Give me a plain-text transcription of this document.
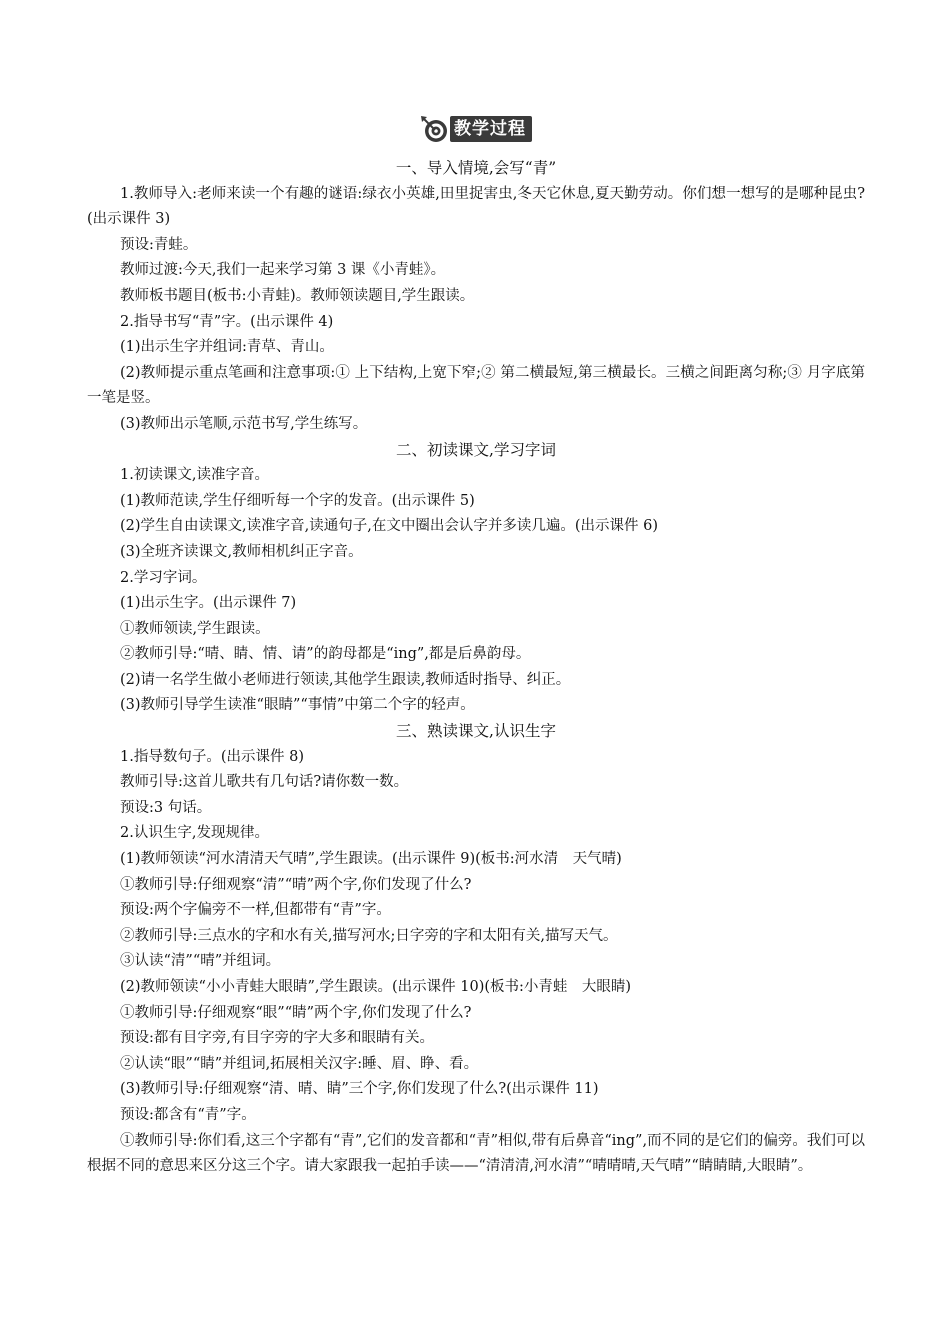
教学过程

一、导入情境,会写“青”

1.教师导入:老师来读一个有趣的谜语:绿衣小英雄,田里捉害虫,冬天它休息,夏天勤劳动。你们想一想写的是哪种昆虫?(出示课件 3)

预设:青蛙。

教师过渡:今天,我们一起来学习第 3 课《小青蛙》。

教师板书题目(板书:小青蛙)。教师领读题目,学生跟读。

2.指导书写“青”字。(出示课件 4)

(1)出示生字并组词:青草、青山。

(2)教师提示重点笔画和注意事项:① 上下结构,上宽下窄;② 第二横最短,第三横最长。三横之间距离匀称;③ 月字底第一笔是竖。

(3)教师出示笔顺,示范书写,学生练写。

二、初读课文,学习字词

1.初读课文,读准字音。

(1)教师范读,学生仔细听每一个字的发音。(出示课件 5)

(2)学生自由读课文,读准字音,读通句子,在文中圈出会认字并多读几遍。(出示课件 6)

(3)全班齐读课文,教师相机纠正字音。

2.学习字词。

(1)出示生字。(出示课件 7)

①教师领读,学生跟读。

②教师引导:“晴、睛、情、请”的韵母都是“ing”,都是后鼻韵母。

(2)请一名学生做小老师进行领读,其他学生跟读,教师适时指导、纠正。

(3)教师引导学生读准“眼睛”“事情”中第二个字的轻声。

三、熟读课文,认识生字

1.指导数句子。(出示课件 8)

教师引导:这首儿歌共有几句话?请你数一数。

预设:3 句话。

2.认识生字,发现规律。

(1)教师领读“河水清清天气晴”,学生跟读。(出示课件 9)(板书:河水清　天气晴)

①教师引导:仔细观察“清”“晴”两个字,你们发现了什么?

预设:两个字偏旁不一样,但都带有“青”字。

②教师引导:三点水的字和水有关,描写河水;日字旁的字和太阳有关,描写天气。

③认读“清”“晴”并组词。

(2)教师领读“小小青蛙大眼睛”,学生跟读。(出示课件 10)(板书:小青蛙　大眼睛)

①教师引导:仔细观察“眼”“睛”两个字,你们发现了什么?

预设:都有目字旁,有目字旁的字大多和眼睛有关。

②认读“眼”“睛”并组词,拓展相关汉字:睡、眉、睁、看。

(3)教师引导:仔细观察“清、晴、睛”三个字,你们发现了什么?(出示课件 11)

预设:都含有“青”字。

①教师引导:你们看,这三个字都有“青”,它们的发音都和“青”相似,带有后鼻音“ing”,而不同的是它们的偏旁。我们可以根据不同的意思来区分这三个字。请大家跟我一起拍手读——“清清清,河水清”“晴晴晴,天气晴”“睛睛睛,大眼睛”。
